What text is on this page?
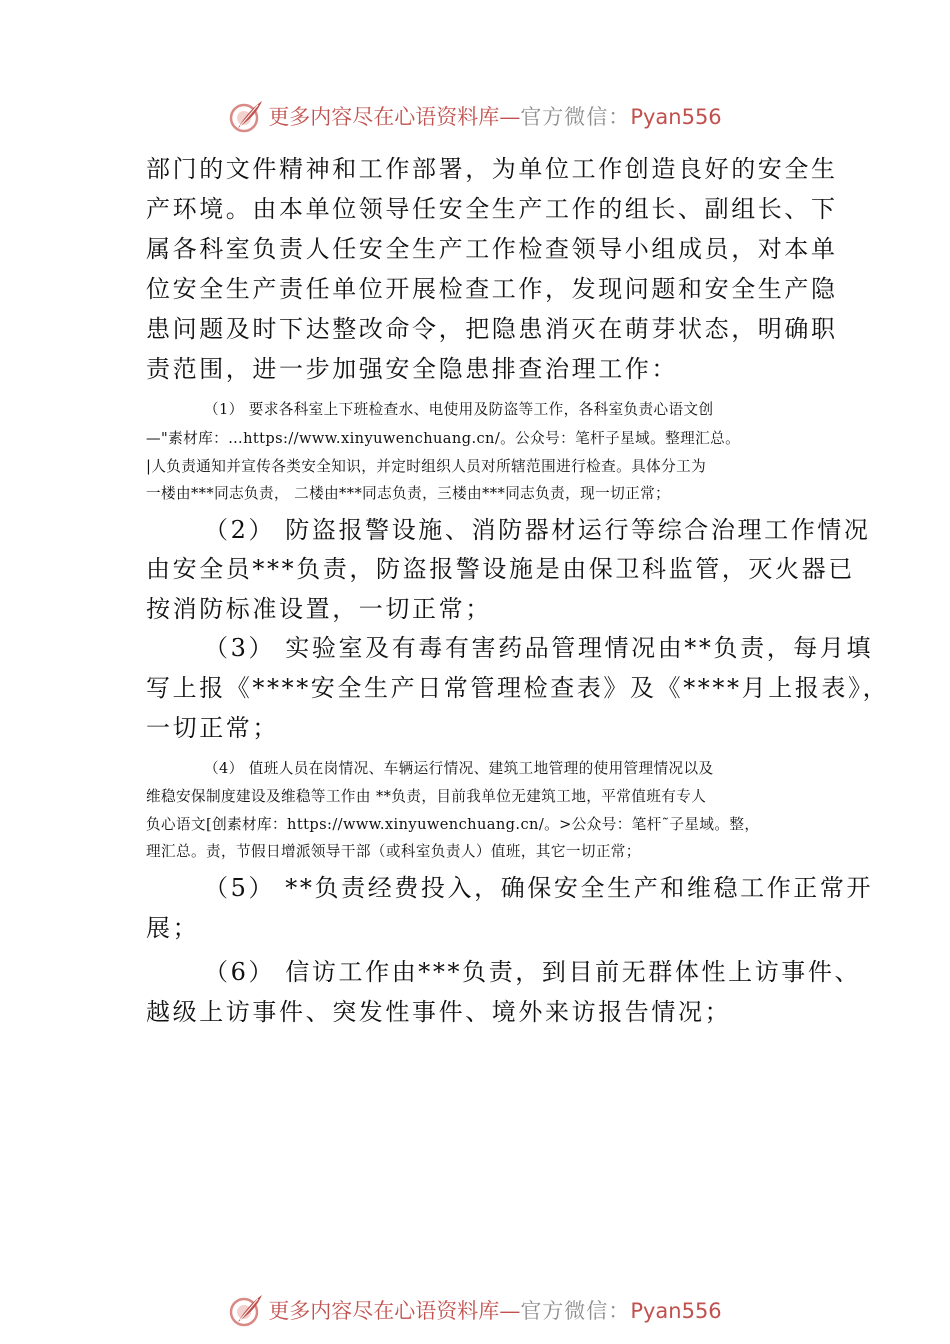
更多内容尽在心语资料库—官方微信：Pyan556
部门的文件精神和工作部署，为单位工作创造良好的安全生
产环境。由本单位领导任安全生产工作的组长、副组长、下
属各科室负责人任安全生产工作检查领导小组成员，对本单
位安全生产责任单位开展检查工作，发现问题和安全生产隐
患问题及时下达整改命令，把隐患消灭在萌芽状态，明确职
责范围，进一步加强安全隐患排查治理工作：
（1） 要求各科室上下班检查水、电使用及防盗等工作，各科室负责心语文创
—"素材库：…https://www.xinyuwenchuang.cn/。公众号：笔杆子星域。整理汇总。
|人负责通知并宣传各类安全知识，并定时组织人员对所辖范围进行检查。具体分工为
一楼由***同志负责， 二楼由***同志负责，三楼由***同志负责，现一切正常；
（2） 防盗报警设施、消防器材运行等综合治理工作情况
由安全员***负责，防盗报警设施是由保卫科监管，灭火器已
按消防标准设置，一切正常；
（3） 实验室及有毒有害药品管理情况由**负责，每月填
写上报《****安全生产日常管理检查表》及《****月上报表》，
一切正常；
（4） 值班人员在岗情况、车辆运行情况、建筑工地管理的使用管理情况以及
维稳安保制度建设及维稳等工作由 **负责，目前我单位无建筑工地，平常值班有专人
负心语文[创素材库：https://www.xinyuwenchuang.cn/。>公众号：笔杆˜子星域。整，
理汇总。责，节假日增派领导干部（或科室负责人）值班，其它一切正常；
（5） **负责经费投入，确保安全生产和维稳工作正常开
展；
（6） 信访工作由***负责，到目前无群体性上访事件、
越级上访事件、突发性事件、境外来访报告情况；
更多内容尽在心语资料库—官方微信：Pyan556
